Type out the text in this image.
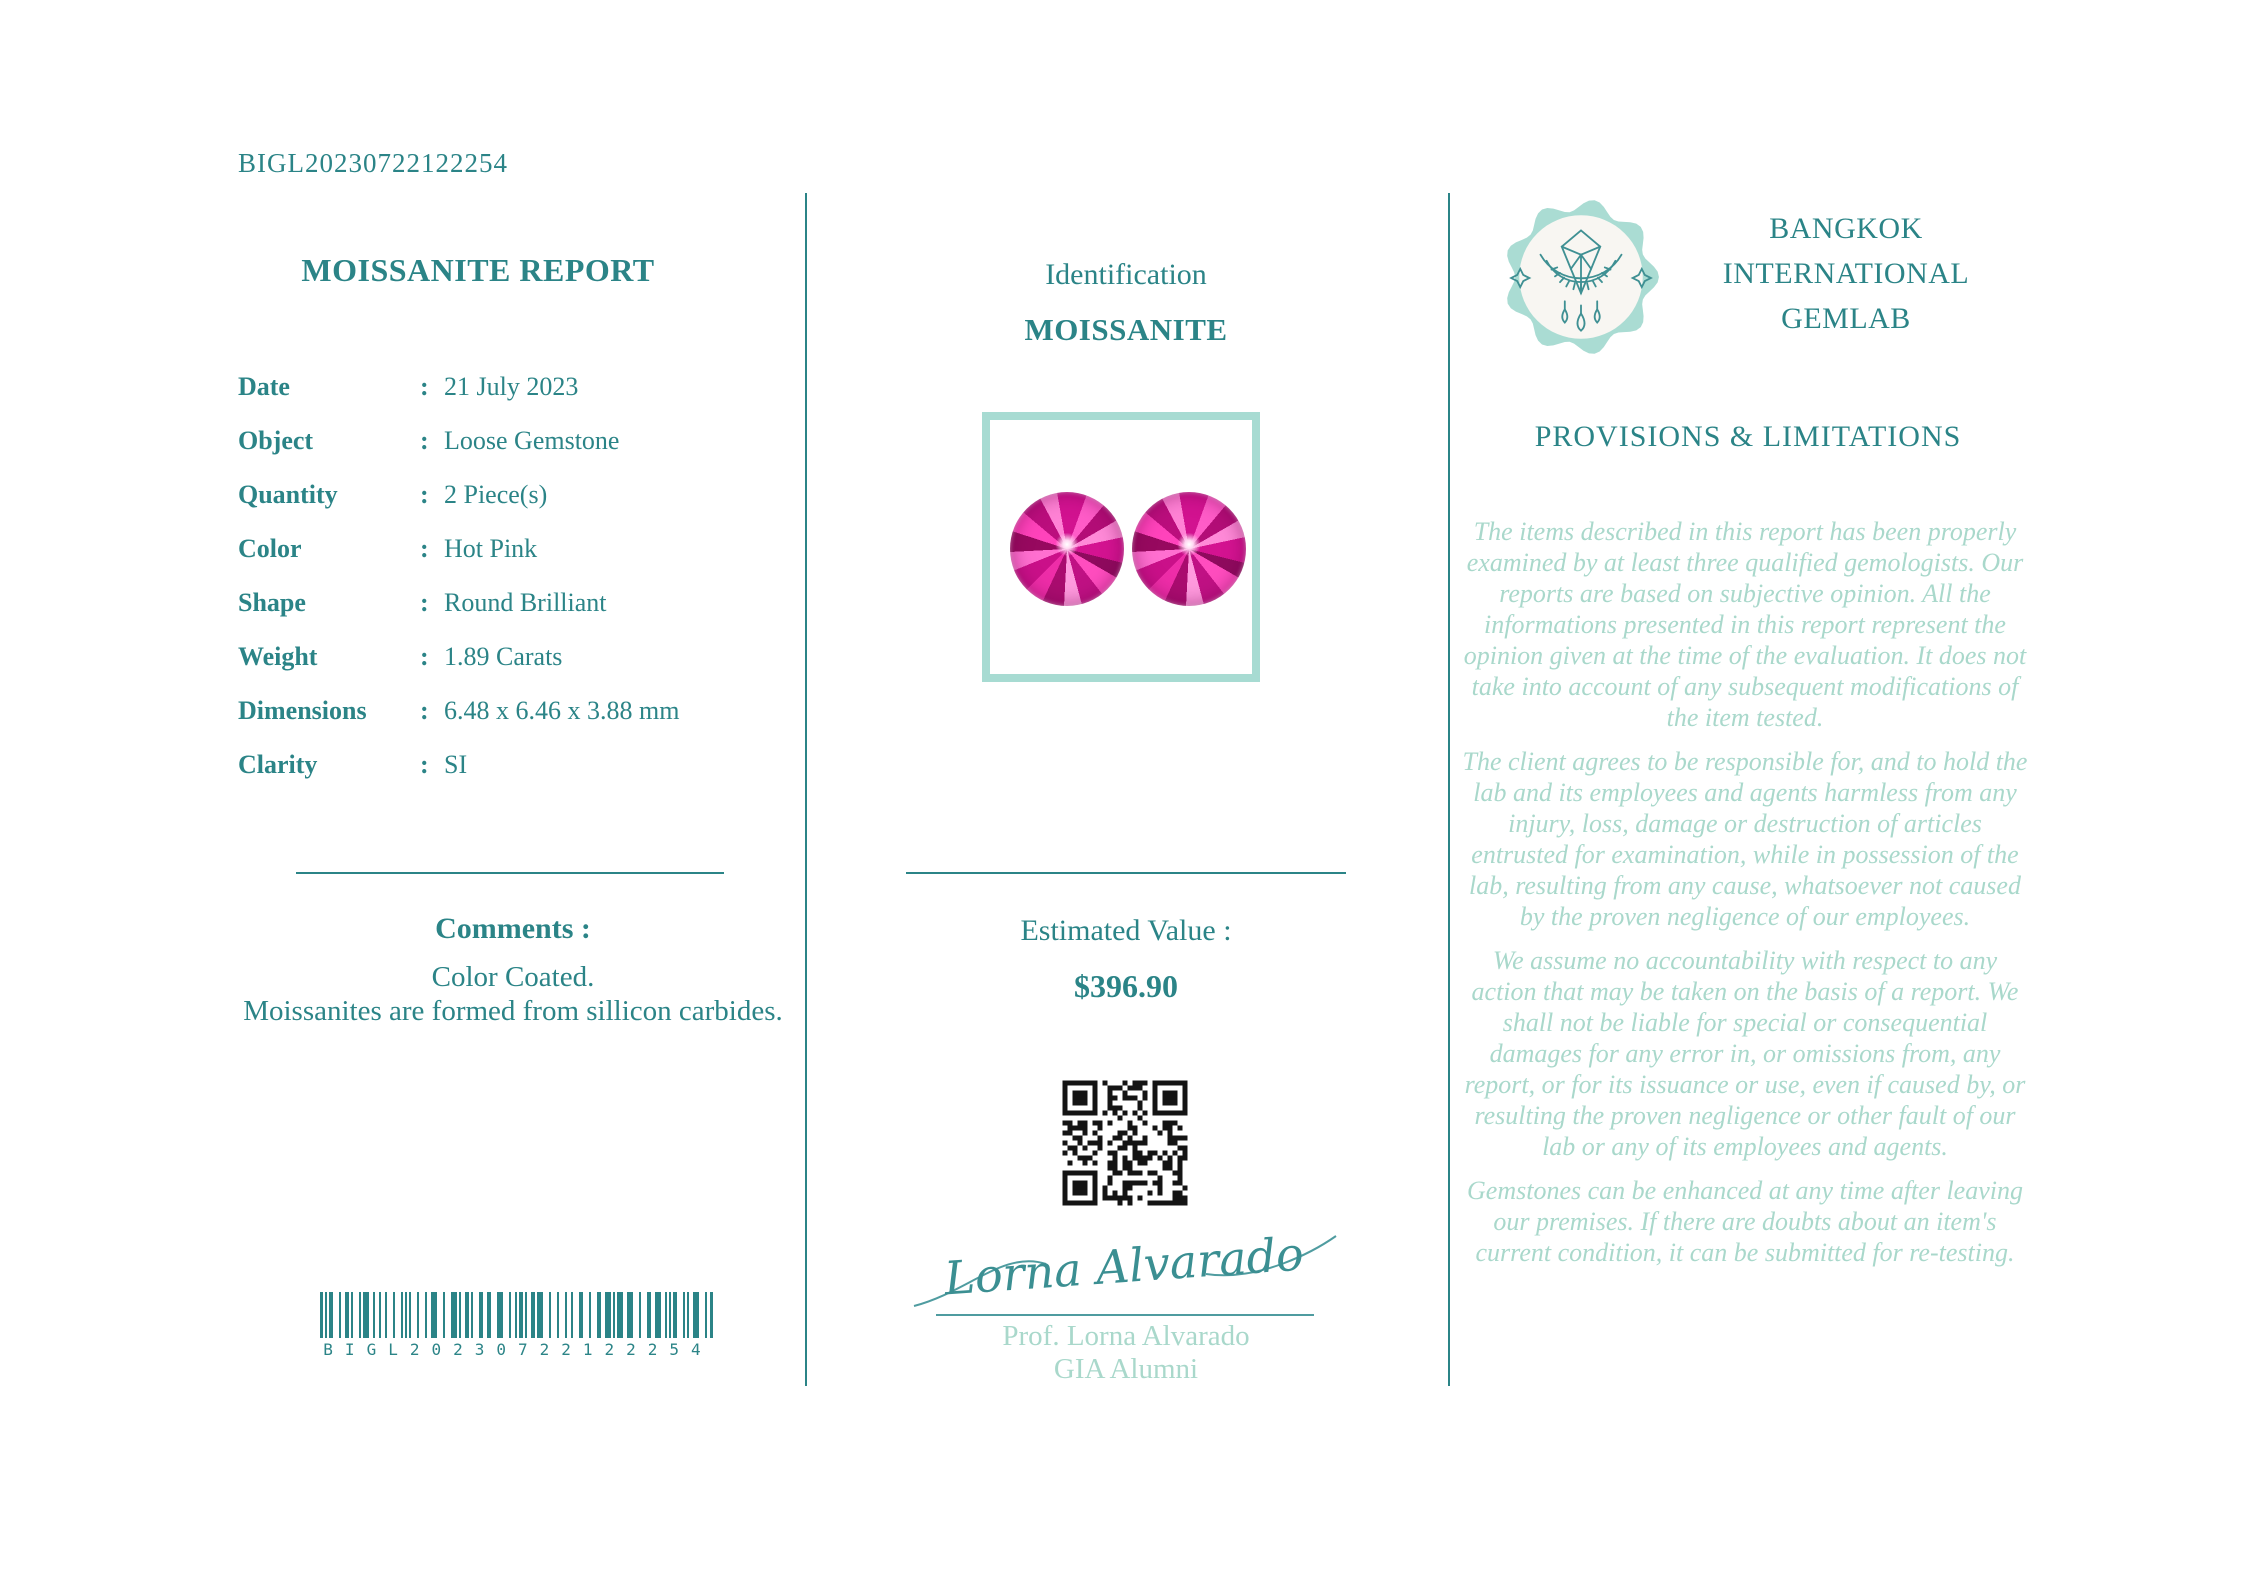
BIGL20230722122254
MOISSANITE REPORT
Date	: 21 July 2023
Object	: Loose Gemstone
Quantity	: 2 Piece(s)
Color	: Hot Pink
Shape	: Round Brilliant
Weight	: 1.89 Carats
Dimensions	: 6.48 x 6.46 x 3.88 mm
Clarity	: SI
Comments :
Color Coated.
Moissanites are formed from sillicon carbides.
BIGL20230722122254
Identification
MOISSANITE
Estimated Value :
$396.90
Lorna Alvarado
Prof. Lorna Alvarado
GIA Alumni
BANGKOK
INTERNATIONAL
GEMLAB
PROVISIONS & LIMITATIONS

The items described in this report has been properly examined by at least three qualified gemologists. Our reports are based on subjective opinion. All the informations presented in this report represent the opinion given at the time of the evaluation. It does not take into account of any subsequent modifications of the item tested.

The client agrees to be responsible for, and to hold the lab and its employees and agents harmless from any injury, loss, damage or destruction of articles entrusted for examination, while in possession of the lab, resulting from any cause, whatsoever not caused by the proven negligence of our employees.

We assume no accountability with respect to any action that may be taken on the basis of a report. We shall not be liable for special or consequential damages for any error in, or omissions from, any report, or for its issuance or use, even if caused by, or resulting the proven negligence or other fault of our lab or any of its employees and agents.

Gemstones can be enhanced at any time after leaving our premises. If there are doubts about an item's current condition, it can be submitted for re-testing.
